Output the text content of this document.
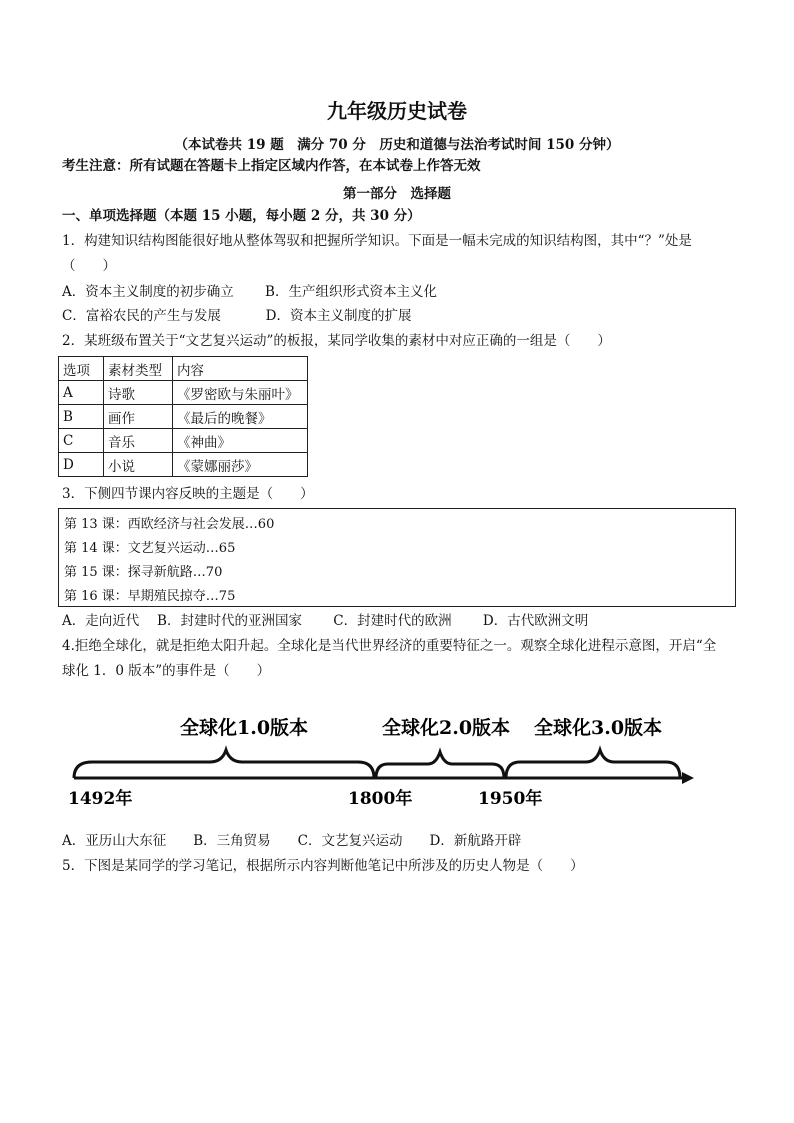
九年级历史试卷
（本试卷共 19 题　满分 70 分　历史和道德与法治考试时间 150 分钟）
考生注意：所有试题在答题卡上指定区域内作答，在本试卷上作答无效
第一部分　选择题
一、单项选择题（本题 15 小题，每小题 2 分，共 30 分）
1．构建知识结构图能很好地从整体驾驭和把握所学知识。下面是一幅未完成的知识结构图，其中“？”处是
（　　）
A．资本主义制度的初步确立　　 B．生产组织形式资本主义化
C．富裕农民的产生与发展　　　 D．资本主义制度的扩展
2．某班级布置关于“文艺复兴运动”的板报，某同学收集的素材中对应正确的一组是（　　）
选项	素材类型	内容
A	诗歌	《罗密欧与朱丽叶》
B	画作	《最后的晚餐》
C	音乐	《神曲》
D	小说	《蒙娜丽莎》
3．下侧四节课内容反映的主题是（　　）
第 13 课：西欧经济与社会发展…60
第 14 课：文艺复兴运动…65
第 15 课：探寻新航路…70
第 16 课：早期殖民掠夺…75
A．走向近代　 B．封建时代的亚洲国家　　 C．封建时代的欧洲　　 D．古代欧洲文明
4.拒绝全球化，就是拒绝太阳升起。全球化是当代世界经济的重要特征之一。观察全球化进程示意图，开启“全
球化 1．0 版本”的事件是（　　）
全球化1.0版本	全球化2.0版本 全球化3.0版本
1492年	1800年	1950年
A．亚历山大东征　　B．三角贸易　　C．文艺复兴运动　　D．新航路开辟
5．下图是某同学的学习笔记，根据所示内容判断他笔记中所涉及的历史人物是（　　）
